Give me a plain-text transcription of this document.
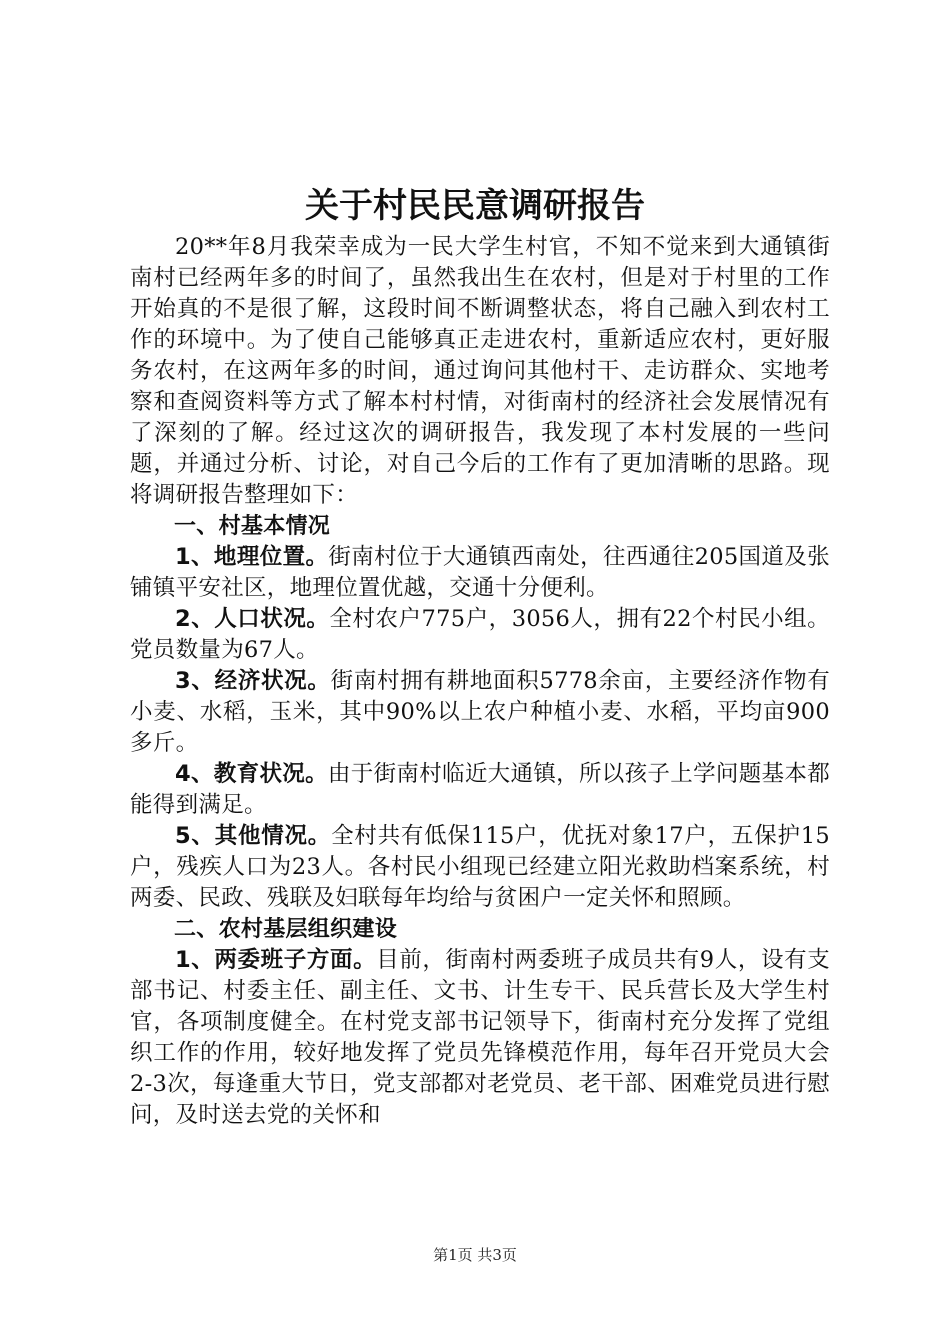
关于村民民意调研报告

20**年8月我荣幸成为一民大学生村官，不知不觉来到大通镇街南村已经两年多的时间了，虽然我出生在农村，但是对于村里的工作开始真的不是很了解，这段时间不断调整状态，将自己融入到农村工作的环境中。为了使自己能够真正走进农村，重新适应农村，更好服务农村，在这两年多的时间，通过询问其他村干、走访群众、实地考察和查阅资料等方式了解本村村情，对街南村的经济社会发展情况有了深刻的了解。经过这次的调研报告，我发现了本村发展的一些问题，并通过分析、讨论，对自己今后的工作有了更加清晰的思路。现将调研报告整理如下：

一、村基本情况

1、地理位置。街南村位于大通镇西南处，往西通往205国道及张铺镇平安社区，地理位置优越，交通十分便利。

2、人口状况。全村农户775户，3056人，拥有22个村民小组。党员数量为67人。

3、经济状况。街南村拥有耕地面积5778余亩，主要经济作物有小麦、水稻，玉米，其中90%以上农户种植小麦、水稻，平均亩900多斤。

4、教育状况。由于街南村临近大通镇，所以孩子上学问题基本都能得到满足。

5、其他情况。全村共有低保115户，优抚对象17户，五保护15户，残疾人口为23人。各村民小组现已经建立阳光救助档案系统，村两委、民政、残联及妇联每年均给与贫困户一定关怀和照顾。

二、农村基层组织建设

1、两委班子方面。目前，街南村两委班子成员共有9人，设有支部书记、村委主任、副主任、文书、计生专干、民兵营长及大学生村官，各项制度健全。在村党支部书记领导下，街南村充分发挥了党组织工作的作用，较好地发挥了党员先锋模范作用，每年召开党员大会2-3次，每逢重大节日，党支部都对老党员、老干部、困难党员进行慰问，及时送去党的关怀和

第1页 共3页
